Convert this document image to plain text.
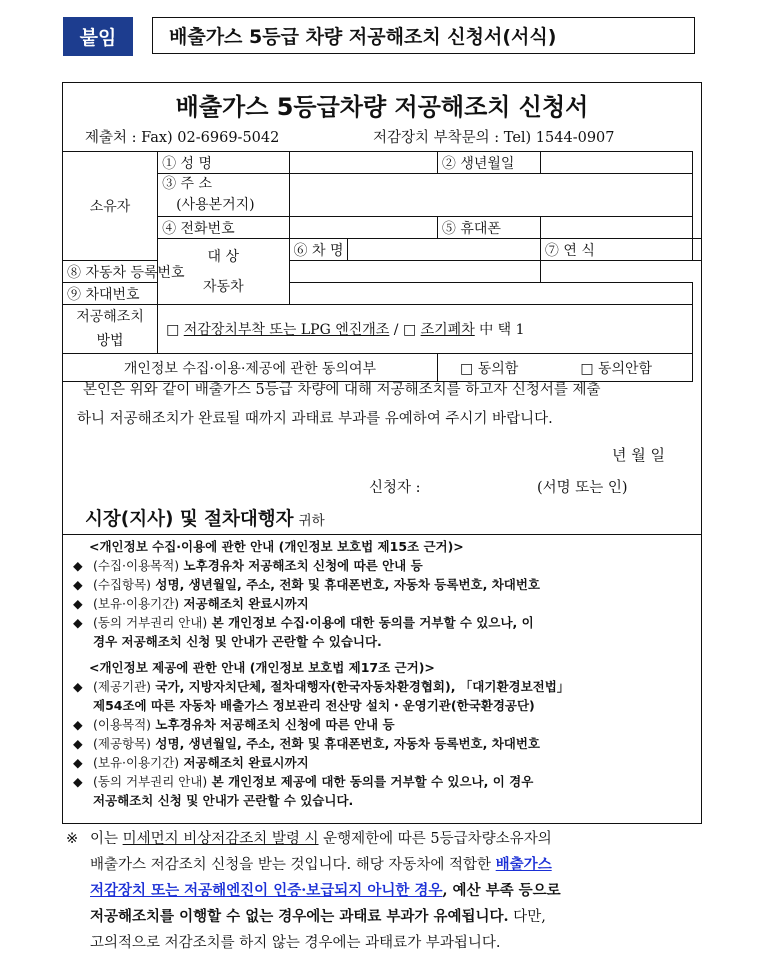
붙임	배출가스 5등급 차량 저공해조치 신청서(서식)
배출가스 5등급차량 저공해조치 신청서
제출처 : Fax) 02-6969-5042	저감장치 부착문의 : Tel) 1544-0907
소유자	① 성 명			② 생년월일		
	③ 주 소
(사용본거지)					
	④ 전화번호			⑤ 휴대폰		
	대 상
자동차	⑥ 차 명			⑦ 연 식	
⑧ 자동차 등록번호						
⑨ 차대번호						
저공해조치
방법	□ 저감장치부착 또는 LPG 엔진개조 / □ 조기폐차 中 택 1					
개인정보 수집·이용·제공에 관한 동의여부				□ 동의함	□ 동의안함	
본인은 위와 같이 배출가스 5등급 차량에 대해 저공해조치를 하고자 신청서를 제출
하니 저공해조치가 완료될 때까지 과태료 부과를 유예하여 주시기 바랍니다.
년 월 일
신청자 :	(서명 또는 인)
시장(지사) 및 절차대행자 귀하
<개인정보 수집·이용에 관한 안내 (개인정보 보호법 제15조 근거)>
◆ (수집·이용목적) 노후경유차 저공해조치 신청에 따른 안내 등
◆ (수집항목) 성명, 생년월일, 주소, 전화 및 휴대폰번호, 자동차 등록번호, 차대번호
◆ (보유·이용기간) 저공해조치 완료시까지
◆ (동의 거부권리 안내) 본 개인정보 수집·이용에 대한 동의를 거부할 수 있으나, 이
경우 저공해조치 신청 및 안내가 곤란할 수 있습니다.
<개인정보 제공에 관한 안내 (개인정보 보호법 제17조 근거)>
◆ (제공기관) 국가, 지방자치단체, 절차대행자(한국자동차환경협회), 「대기환경보전법」
제54조에 따른 자동차 배출가스 정보관리 전산망 설치・운영기관(한국환경공단)
◆ (이용목적) 노후경유차 저공해조치 신청에 따른 안내 등
◆ (제공항목) 성명, 생년월일, 주소, 전화 및 휴대폰번호, 자동차 등록번호, 차대번호
◆ (보유·이용기간) 저공해조치 완료시까지
◆ (동의 거부권리 안내) 본 개인정보 제공에 대한 동의를 거부할 수 있으나, 이 경우
저공해조치 신청 및 안내가 곤란할 수 있습니다.
※ 이는 미세먼지 비상저감조치 발령 시 운행제한에 따른 5등급차량소유자의
배출가스 저감조치 신청을 받는 것입니다. 해당 자동차에 적합한 배출가스
저감장치 또는 저공해엔진이 인증·보급되지 아니한 경우, 예산 부족 등으로
저공해조치를 이행할 수 없는 경우에는 과태료 부과가 유예됩니다. 다만,
고의적으로 저감조치를 하지 않는 경우에는 과태료가 부과됩니다.
